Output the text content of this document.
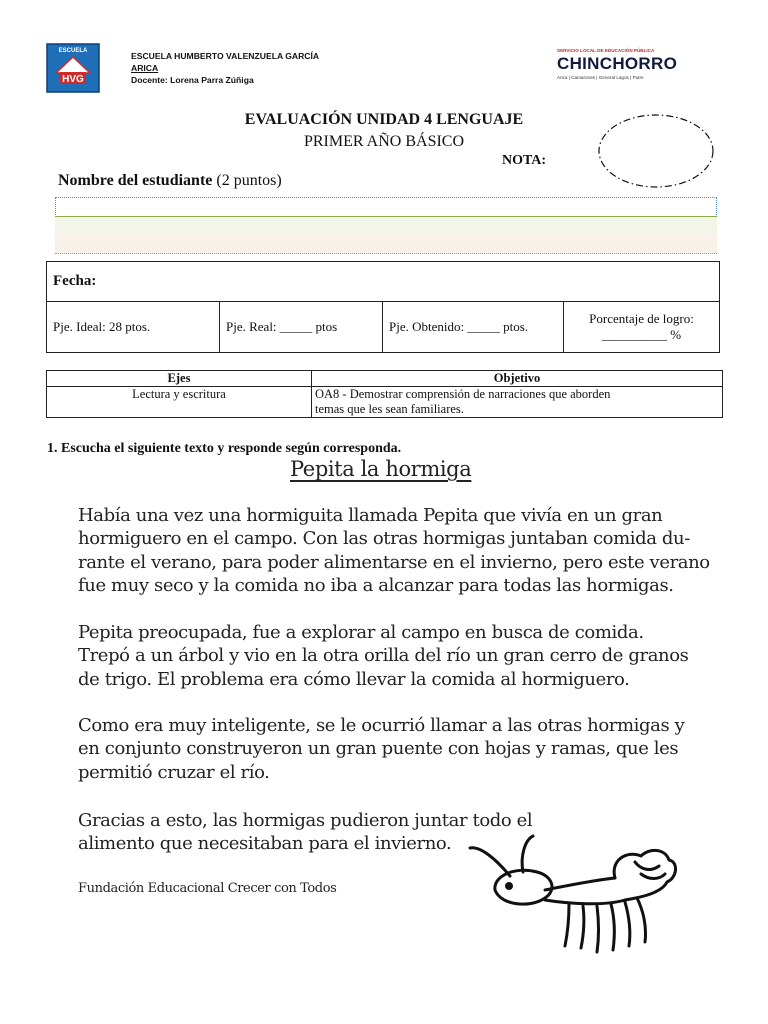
ESCUELA
HVG
ESCUELA HUMBERTO VALENZUELA GARCÍA
ARICA
Docente: Lorena Parra Zúñiga
SERVICIO LOCAL DE EDUCACIÓN PÚBLICA
CHINCHORRO
Arica | Camarones | General Lagos | Putre
EVALUACIÓN UNIDAD 4 LENGUAJE
PRIMER AÑO BÁSICO
NOTA:
Nombre del estudiante (2 puntos)
Fecha:
Pje. Ideal: 28 ptos.	Pje. Real: _____ ptos	Pje. Obtenido: _____ ptos.	
Porcentaje de logro:
__________ %
Ejes	Objetivo
Lectura y escritura	OA8 - Demostrar comprensión de narraciones que aborden
temas que les sean familiares.
1. Escucha el siguiente texto y responde según corresponda.
Pepita la hormiga
Había una vez una hormiguita llamada Pepita que vivía en un gran
hormiguero en el campo. Con las otras hormigas juntaban comida du-
rante el verano, para poder alimentarse en el invierno, pero este verano
fue muy seco y la comida no iba a alcanzar para todas las hormigas.
Pepita preocupada, fue a explorar al campo en busca de comida.
Trepó a un árbol y vio en la otra orilla del río un gran cerro de granos
de trigo. El problema era cómo llevar la comida al hormiguero.
Como era muy inteligente, se le ocurrió llamar a las otras hormigas y
en conjunto construyeron un gran puente con hojas y ramas, que les
permitió cruzar el río.
Gracias a esto, las hormigas pudieron juntar todo el
alimento que necesitaban para el invierno.
Fundación Educacional Crecer con Todos
